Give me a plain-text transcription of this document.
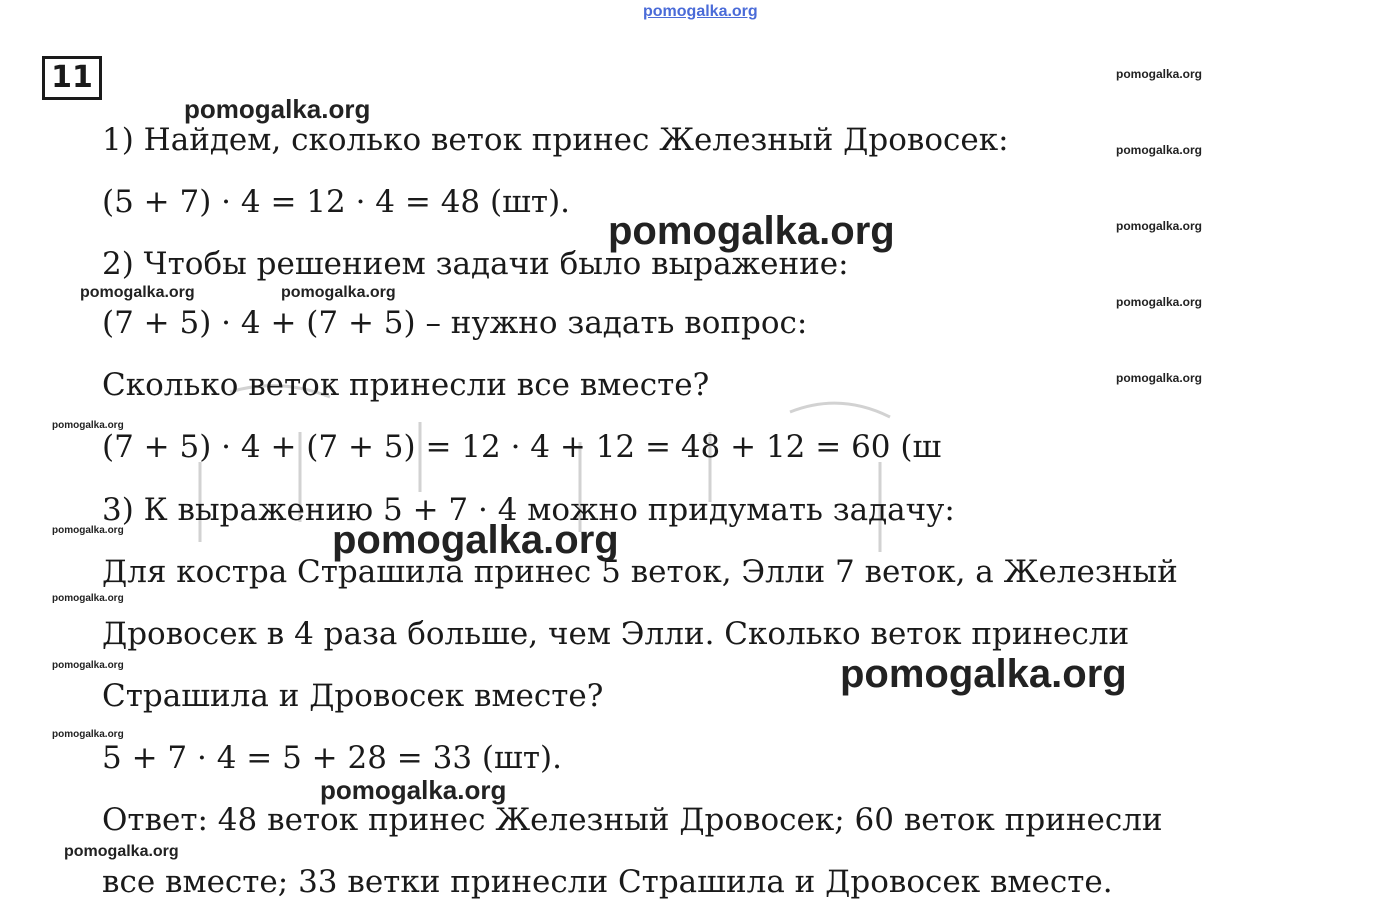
pomogalka.org
11	pomogalka.org
pomogalka.org
pomogalka.org
pomogalka.org
pomogalka.org
pomogalka.org
pomogalka.org
pomogalka.org
pomogalka.org
pomogalka.org
pomogalka.org	pomogalka.org
pomogalka.org
1) Найдем, сколько веток принес Железный Дровосек:
(5 + 7) · 4 = 12 · 4 = 48 (шт).
2) Чтобы решением задачи было выражение:
(7 + 5) · 4 + (7 + 5) – нужно задать вопрос:
Сколько веток принесли все вместе?
(7 + 5) · 4 + (7 + 5) = 12 · 4 + 12 = 48 + 12 = 60 (ш
3) К выражению 5 + 7 · 4 можно придумать задачу:
Для костра Страшила принес 5 веток, Элли 7 веток, а Железный
Дровосек в 4 раза больше, чем Элли. Сколько веток принесли
Страшила и Дровосек вместе?
5 + 7 · 4 = 5 + 28 = 33 (шт).
Ответ: 48 веток принес Железный Дровосек; 60 веток принесли
все вместе; 33 ветки принесли Страшила и Дровосек вместе.
pomogalka.org
pomogalka.org
pomogalka.org
pomogalka.org
pomogalka.org
